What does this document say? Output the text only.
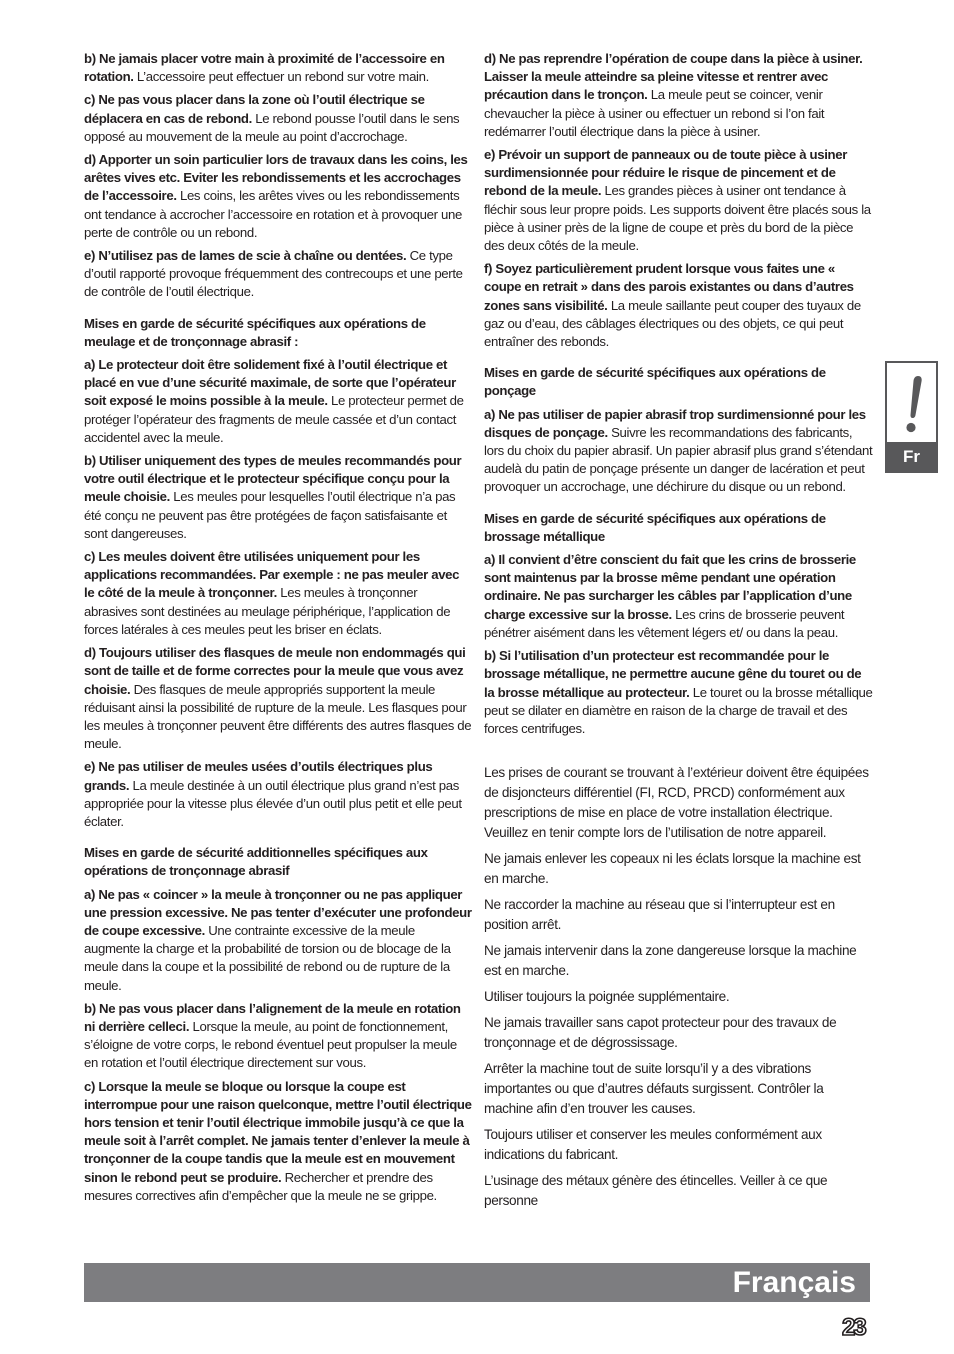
b) Ne jamais placer votre main à proximité de l’accessoire en rotation. L’accessoire peut effectuer un rebond sur votre main.

c) Ne pas vous placer dans la zone où l’outil électrique se déplacera en cas de rebond. Le rebond pousse l’outil dans le sens opposé au mouvement de la meule au point d’accrochage.

d) Apporter un soin particulier lors de travaux dans les coins, les arêtes vives etc. Eviter les rebondissements et les accrochages de l’accessoire. Les coins, les arêtes vives ou les rebondissements ont tendance à accrocher l’accessoire en rotation et à provoquer une perte de contrôle ou un rebond.

e) N’utilisez pas de lames de scie à chaîne ou dentées. Ce type d’outil rapporté provoque fréquemment des contrecoups et une perte de contrôle de l’outil électrique.

Mises en garde de sécurité spécifiques aux opérations de meulage et de tronçonnage abrasif :

a) Le protecteur doit être solidement fixé à l’outil électrique et placé en vue d’une sécurité maximale, de sorte que l’opérateur soit exposé le moins possible à la meule. Le protecteur permet de protéger l’opérateur des fragments de meule cassée et d’un contact accidentel avec la meule.

b) Utiliser uniquement des types de meules recommandés pour votre outil électrique et le protecteur spécifique conçu pour la meule choisie. Les meules pour lesquelles l’outil électrique n’a pas été conçu ne peuvent pas être protégées de façon satisfaisante et sont dangereuses.

c) Les meules doivent être utilisées uniquement pour les applications recommandées. Par exemple : ne pas meuler avec le côté de la meule à tronçonner. Les meules à tronçonner abrasives sont destinées au meulage périphérique, l’application de forces latérales à ces meules peut les briser en éclats.

d) Toujours utiliser des flasques de meule non endommagés qui sont de taille et de forme correctes pour la meule que vous avez choisie. Des flasques de meule appropriés supportent la meule réduisant ainsi la possibilité de rupture de la meule. Les flasques pour les meules à tronçonner peuvent être différents des autres flasques de meule.

e) Ne pas utiliser de meules usées d’outils électriques plus grands. La meule destinée à un outil électrique plus grand n’est pas appropriée pour la vitesse plus élevée d’un outil plus petit et elle peut éclater.

Mises en garde de sécurité additionnelles spécifiques aux opérations de tronçonnage abrasif

a) Ne pas « coincer » la meule à tronçonner ou ne pas appliquer une pression excessive. Ne pas tenter d’exécuter une profondeur de coupe excessive. Une contrainte excessive de la meule augmente la charge et la probabilité de torsion ou de blocage de la meule dans la coupe et la possibilité de rebond ou de rupture de la meule.

b) Ne pas vous placer dans l’alignement de la meule en rotation ni derrière celleci. Lorsque la meule, au point de fonctionnement, s’éloigne de votre corps, le rebond éventuel peut propulser la meule en rotation et l’outil électrique directement sur vous.

c) Lorsque la meule se bloque ou lorsque la coupe est interrompue pour une raison quelconque, mettre l’outil électrique hors tension et tenir l’outil électrique immobile jusqu’à ce que la meule soit à l’arrêt complet. Ne jamais tenter d’enlever la meule à tronçonner de la coupe tandis que la meule est en mouvement sinon le rebond peut se produire. Rechercher et prendre des mesures correctives afin d’empêcher que la meule ne se grippe.

d) Ne pas reprendre l’opération de coupe dans la pièce à usiner. Laisser la meule atteindre sa pleine vitesse et rentrer avec précaution dans le tronçon. La meule peut se coincer, venir chevaucher la pièce à usiner ou effectuer un rebond si l’on fait redémarrer l’outil électrique dans la pièce à usiner.

e) Prévoir un support de panneaux ou de toute pièce à usiner surdimensionnée pour réduire le risque de pincement et de rebond de la meule. Les grandes pièces à usiner ont tendance à fléchir sous leur propre poids. Les supports doivent être placés sous la pièce à usiner près de la ligne de coupe et près du bord de la pièce des deux côtés de la meule.

f) Soyez particulièrement prudent lorsque vous faites une « coupe en retrait » dans des parois existantes ou dans d’autres zones sans visibilité. La meule saillante peut couper des tuyaux de gaz ou d’eau, des câblages électriques ou des objets, ce qui peut entraîner des rebonds.

Mises en garde de sécurité spécifiques aux opérations de ponçage

a) Ne pas utiliser de papier abrasif trop surdimensionné pour les disques de ponçage. Suivre les recommandations des fabricants, lors du choix du papier abrasif. Un papier abrasif plus grand s’étendant audelà du patin de ponçage présente un danger de lacération et peut provoquer un accrochage, une déchirure du disque ou un rebond.

Mises en garde de sécurité spécifiques aux opérations de brossage métallique

a) Il convient d’être conscient du fait que les crins de brosserie sont maintenus par la brosse même pendant une opération ordinaire. Ne pas surcharger les câbles par l’application d’une charge excessive sur la brosse. Les crins de brosserie peuvent pénétrer aisément dans les vêtement légers et/ ou dans la peau.

b) Si l’utilisation d’un protecteur est recommandée pour le brossage métallique, ne permettre aucune gêne du touret ou de la brosse métallique au protecteur. Le touret ou la brosse métallique peut se dilater en diamètre en raison de la charge de travail et des forces centrifuges.

Les prises de courant se trouvant à l’extérieur doivent être équipées de disjoncteurs différentiel (FI, RCD, PRCD) conformément aux prescriptions de mise en place de votre installation électrique. Veuillez en tenir compte lors de l’utilisation de notre appareil.

Ne jamais enlever les copeaux ni les éclats lorsque la machine est en marche.

Ne raccorder la machine au réseau que si l’interrupteur est en position arrêt.

Ne jamais intervenir dans la zone dangereuse lorsque la machine est en marche.

Utiliser toujours la poignée supplémentaire.

Ne jamais travailler sans capot protecteur pour des travaux de tronçonnage et de dégrossissage.

Arrêter la machine tout de suite lorsqu’il y a des vibrations importantes ou que d’autres défauts surgissent. Contrôler la machine afin d’en trouver les causes.

Toujours utiliser et conserver les meules conformément aux indications du fabricant.

L’usinage des métaux génère des étincelles. Veiller à ce que personne

Fr
Français
23
